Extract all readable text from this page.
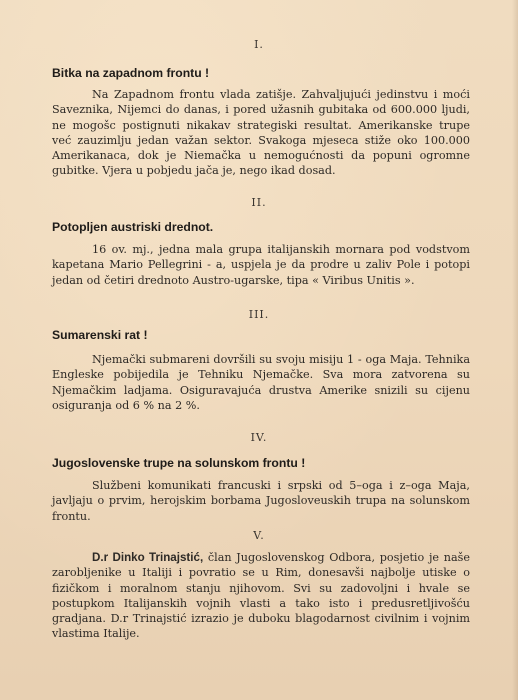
I.
Bitka na zapadnom frontu !

Na Zapadnom frontu vlada zatišje. Zahvaljujući jedinstvu i moći Saveznika, Nijemci do danas, i pored užasnih gubitaka od 600.000 ljudi, ne mogošc postignuti nikakav strategiski resultat. Amerikanske trupe već zauzimlju jedan važan sektor. Svakoga mjeseca stiže oko 100.000 Amerikanaca, dok je Niemačka u nemogućnosti da popuni ogromne gubitke. Vjera u pobjedu jača je, nego ikad dosad.

II.
Potopljen austriski drednot.

16 ov. mj., jedna mala grupa italijanskih mornara pod vodstvom kapetana Mario Pellegrini - a, uspjela je da prodre u zaliv Pole i potopi jedan od četiri drednoto Austro-ugarske, tipa « Viribus Unitis ».

III.
Sumarenski rat !

Njemački submareni dovršili su svoju misiju 1 - oga Maja. Tehnika Engleske pobijedila je Tehniku Njemačke. Sva mora zatvorena su Njemačkim ladjama. Osiguravajuća drustva Amerike snizili su cijenu osiguranja od 6 % na 2 %.

IV.
Jugoslovenske trupe na solunskom frontu !

Službeni komunikati francuski i srpski od 5–oga i z–oga Maja, javljaju o prvim, herojskim borbama Jugosloveuskih trupa na solunskom frontu.

V.

D.r Dinko Trinajstić, član Jugoslovenskog Odbora, posjetio je naše zarobljenike u Italiji i povratio se u Rim, donesavši najbolje utiske o fizičkom i moralnom stanju njihovom. Svi su zadovoljni i hvale se postupkom Italijanskih vojnih vlasti a tako isto i predusretljivošću gradjana. D.r Trinajstić izrazio je duboku blagodarnost civilnim i vojnim vlastima Italije.
